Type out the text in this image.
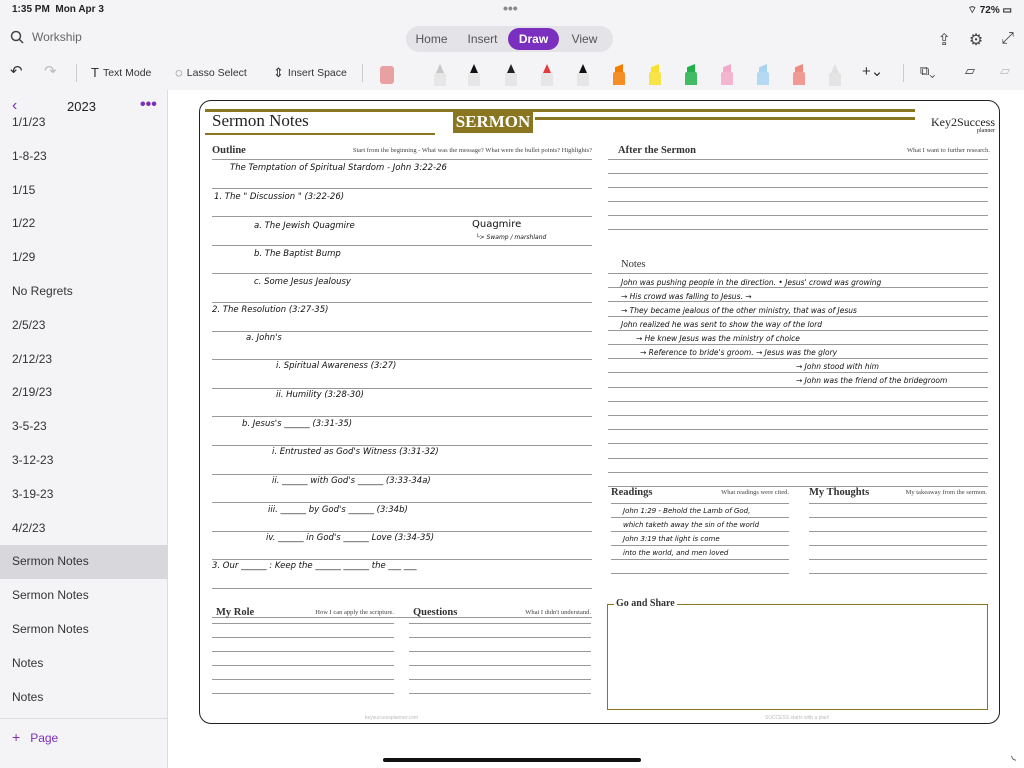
1:35 PM Mon Apr 3	•••	⌔ 72% ▭
Workship	Home	Insert	Draw	View	⇪ ⚙ ⤢
↶ ↷	T Text Mode ◌ Lasso Select ⇕ Insert Space	+⌄	⧉⌄ ▱ ▱
‹	2023	•••
1/1/23
1-8-23
1/15
1/22
1/29
No Regrets
2/5/23
2/12/23
2/19/23
3-5-23
3-12-23
3-19-23
4/2/23
Sermon Notes
Sermon Notes
Sermon Notes
Notes
Notes
+ Page
Sermon Notes	SERMON	Key2Success
planner
Outline	Start from the beginning - What was the message? What were the bullet points? Highlights?
The Temptation of Spiritual Stardom - John 3:22-26
1. The " Discussion " (3:22-26)
a. The Jewish Quagmire	Quagmire
└> Swamp / marshland
b. The Baptist Bump
c. Some Jesus Jealousy
2. The Resolution (3:27-35)
a. John's
i. Spiritual Awareness (3:27)
ii. Humility (3:28-30)
b. Jesus's ______ (3:31-35)
i. Entrusted as God's Witness (3:31-32)
ii. ______ with God's ______ (3:33-34a)
iii. ______ by God's ______ (3:34b)
iv. ______ in God's ______ Love (3:34-35)
3. Our ______ : Keep the ______ ______ the ___ ___
After the Sermon	What I want to further research.
Notes
John was pushing people in the direction. • Jesus' crowd was growing
→ His crowd was falling to Jesus. →
→ They became jealous of the other ministry, that was of Jesus
John realized he was sent to show the way of the lord
→ He knew Jesus was the ministry of choice
→ Reference to bride's groom. → Jesus was the glory
→ John stood with him
→ John was the friend of the bridegroom
Readings	What readings were cited.
John 1:29 - Behold the Lamb of God,
which taketh away the sin of the world
John 3:19 that light is come
into the world, and men loved
My Thoughts	My takeaway from the sermon.
My Role	How I can apply the scripture. Questions	What I didn't understand.
Go and Share
keysuccessplanner.com	SUCCESS starts with a plan!
◟
